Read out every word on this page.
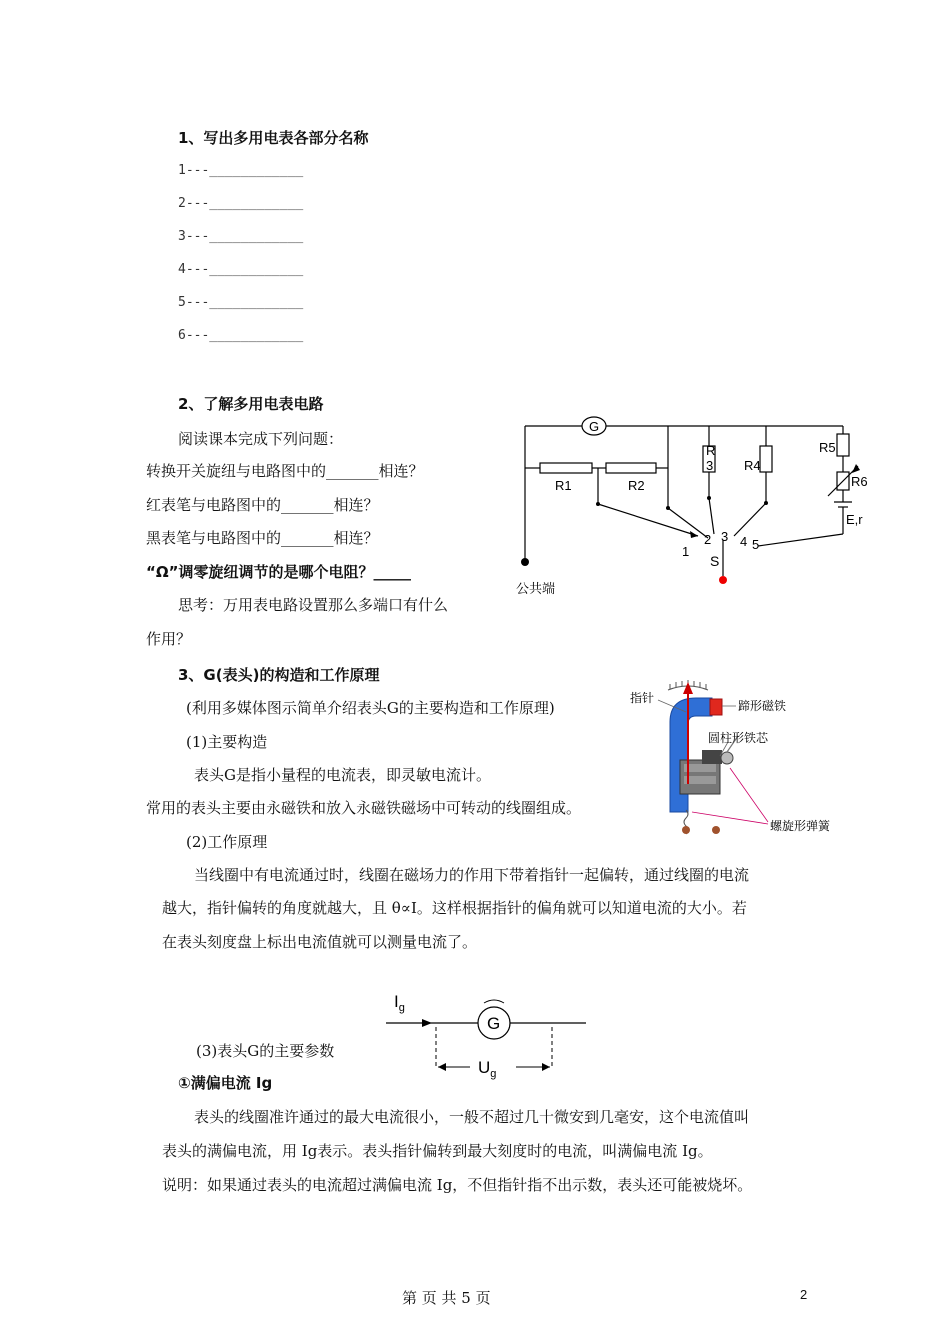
1、写出多用电表各部分名称
1---____________
2---____________
3---____________
4---____________
5---____________
6---____________
2、了解多用电表电路
阅读课本完成下列问题：
转换开关旋纽与电路图中的_______相连？
红表笔与电路图中的_______相连？
黑表笔与电路图中的_______相连？
“Ω”调零旋纽调节的是哪个电阻？_____
思考：万用表电路设置那么多端口有什么
作用？
G
R1	R2
R
3 R4
R5
R6
E,r
1
2 3 4 5
S
公共端
3、G(表头)的构造和工作原理
(利用多媒体图示简单介绍表头G的主要构造和工作原理)
(1)主要构造
表头G是指小量程的电流表，即灵敏电流计。
常用的表头主要由永磁铁和放入永磁铁磁场中可转动的线圈组成。
(2)工作原理
当线圈中有电流通过时，线圈在磁场力的作用下带着指针一起偏转，通过线圈的电流
越大，指针偏转的角度就越大，且 θ∝I。这样根据指针的偏角就可以知道电流的大小。若
在表头刻度盘上标出电流值就可以测量电流了。
指针
蹄形磁铁
圆柱形铁芯
螺旋形弹簧
$I_g$
G
$U_g$
(3)表头G的主要参数
①满偏电流 Ig
表头的线圈准许通过的最大电流很小，一般不超过几十微安到几毫安，这个电流值叫
表头的满偏电流，用 Ig表示。表头指针偏转到最大刻度时的电流，叫满偏电流 Ig。
说明：如果通过表头的电流超过满偏电流 Ig，不但指针指不出示数，表头还可能被烧坏。
第 页 共 5 页	2
